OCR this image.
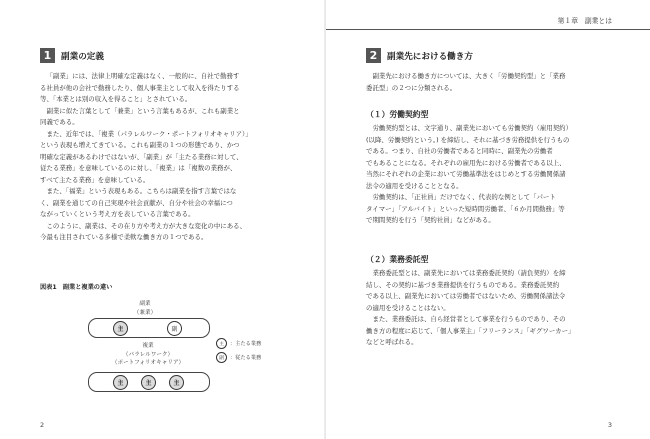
1	副業の定義

「副業」には、法律上明確な定義はなく、一般的に、自社で勤務す
る社員が他の会社で勤務したり、個人事業主として収入を得たりする
等、「本業とは別の収入を得ること」とされている。

副業に似た言葉として「兼業」という言葉もあるが、これも副業と
同義である。

また、近年では、「複業（パラレルワーク・ポートフォリオキャリア）」
という表現も増えてきている。これも副業の１つの形態であり、かつ
明確な定義があるわけではないが、「副業」が「主たる業務に対して、
従たる業務」を意味しているのに対し、「複業」は「複数の業務が、
すべて主たる業務」を意味している。

また、「福業」という表現もある。こちらは副業を指す言葉ではな
く、副業を通じての自己実現や社会貢献が、自分や社会の幸福につ
ながっていくという考え方を表している言葉である。

このように、副業は、その在り方や考え方が大きな変化の中にある、
今最も注目されている多様で柔軟な働き方の１つである。

図表1　副業と複業の違い
副業
（兼業）
主	副
複業
（パラレルワーク）
（ポートフォリオキャリア）
主	主	主
主	：主たる業務
副	：従たる業務
2
第１章　 副業とは
2	副業先における働き方

副業先における働き方については、大きく「労働契約型」と「業務
委託型」の２つに分類される。

（１）労働契約型

労働契約型とは、文字通り、副業先においても労働契約（雇用契約）
(以降、労働契約という。) を締結し、それに基づき労務提供を行うもの
である。つまり、自社の労働者であると同時に、副業先の労働者
でもあることになる。それぞれの雇用先における労働者である以上、
当然にそれぞれの企業において労働基準法をはじめとする労働関係諸
法令の適用を受けることとなる。

労働契約は、「正社員」だけでなく、代表的な例として「パート
タイマー」「アルバイト」といった短時間労働者、「６か月間勤務」等
で期間契約を行う「契約社員」などがある。

（２）業務委託型

業務委託型とは、副業先においては業務委託契約（請負契約）を締
結し、その契約に基づき業務提供を行うものである。業務委託契約
である以上、副業先においては労働者ではないため、労働関係諸法令
の適用を受けることはない。

また、業務委託は、自ら経営者として事業を行うものであり、その
働き方の程度に応じて、「個人事業主」「フリーランス」「ギグワーカー」
などと呼ばれる。

3
